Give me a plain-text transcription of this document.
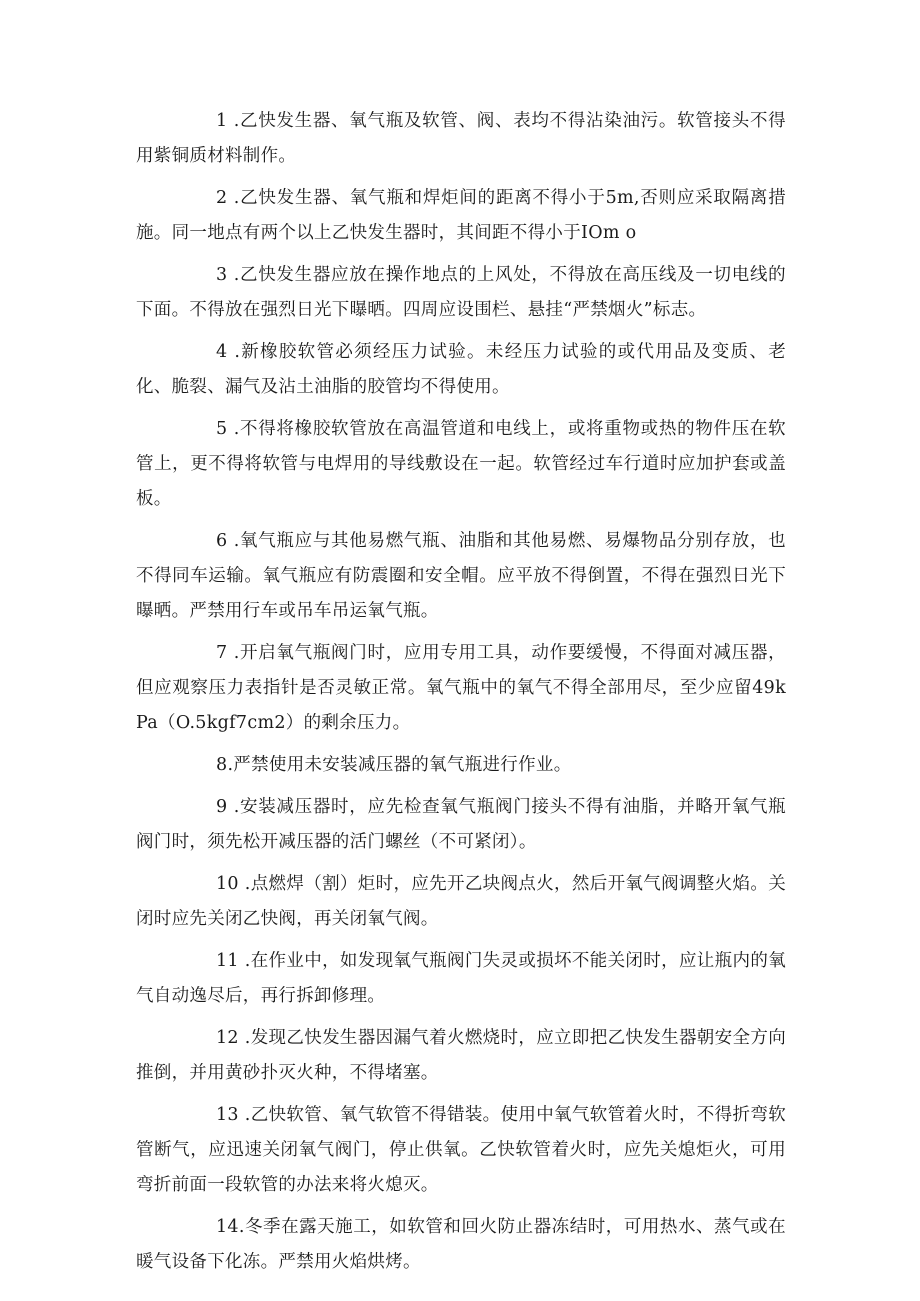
1 .乙快发生器、氧气瓶及软管、阀、表均不得沾染油污。软管接头不得用紫铜质材料制作。

2 .乙快发生器、氧气瓶和焊炬间的距离不得小于5m,否则应采取隔离措施。同一地点有两个以上乙快发生器时，其间距不得小于IOm o

3 .乙快发生器应放在操作地点的上风处，不得放在高压线及一切电线的下面。不得放在强烈日光下曝晒。四周应设围栏、悬挂“严禁烟火”标志。

4 .新橡胶软管必须经压力试验。未经压力试验的或代用品及变质、老化、脆裂、漏气及沾土油脂的胶管均不得使用。

5 .不得将橡胶软管放在高温管道和电线上，或将重物或热的物件压在软管上，更不得将软管与电焊用的导线敷设在一起。软管经过车行道时应加护套或盖板。

6 .氧气瓶应与其他易燃气瓶、油脂和其他易燃、易爆物品分别存放，也不得同车运输。氧气瓶应有防震圈和安全帽。应平放不得倒置，不得在强烈日光下曝晒。严禁用行车或吊车吊运氧气瓶。

7 .开启氧气瓶阀门时，应用专用工具，动作要缓慢，不得面对减压器，但应观察压力表指针是否灵敏正常。氧气瓶中的氧气不得全部用尽，至少应留49kPa（O.5kgf7cm2）的剩余压力。

8.严禁使用未安装减压器的氧气瓶进行作业。

9 .安装减压器时，应先检查氧气瓶阀门接头不得有油脂，并略开氧气瓶阀门时，须先松开减压器的活门螺丝（不可紧闭）。

10 .点燃焊（割）炬时，应先开乙块阀点火，然后开氧气阀调整火焰。关闭时应先关闭乙快阀，再关闭氧气阀。

11 .在作业中，如发现氧气瓶阀门失灵或损坏不能关闭时，应让瓶内的氧气自动逸尽后，再行拆卸修理。

12 .发现乙快发生器因漏气着火燃烧时，应立即把乙快发生器朝安全方向推倒，并用黄砂扑灭火种，不得堵塞。

13 .乙快软管、氧气软管不得错装。使用中氧气软管着火时，不得折弯软管断气，应迅速关闭氧气阀门，停止供氧。乙快软管着火时，应先关熄炬火，可用弯折前面一段软管的办法来将火熄灭。

14.冬季在露天施工，如软管和回火防止器冻结时，可用热水、蒸气或在暖气设备下化冻。严禁用火焰烘烤。
